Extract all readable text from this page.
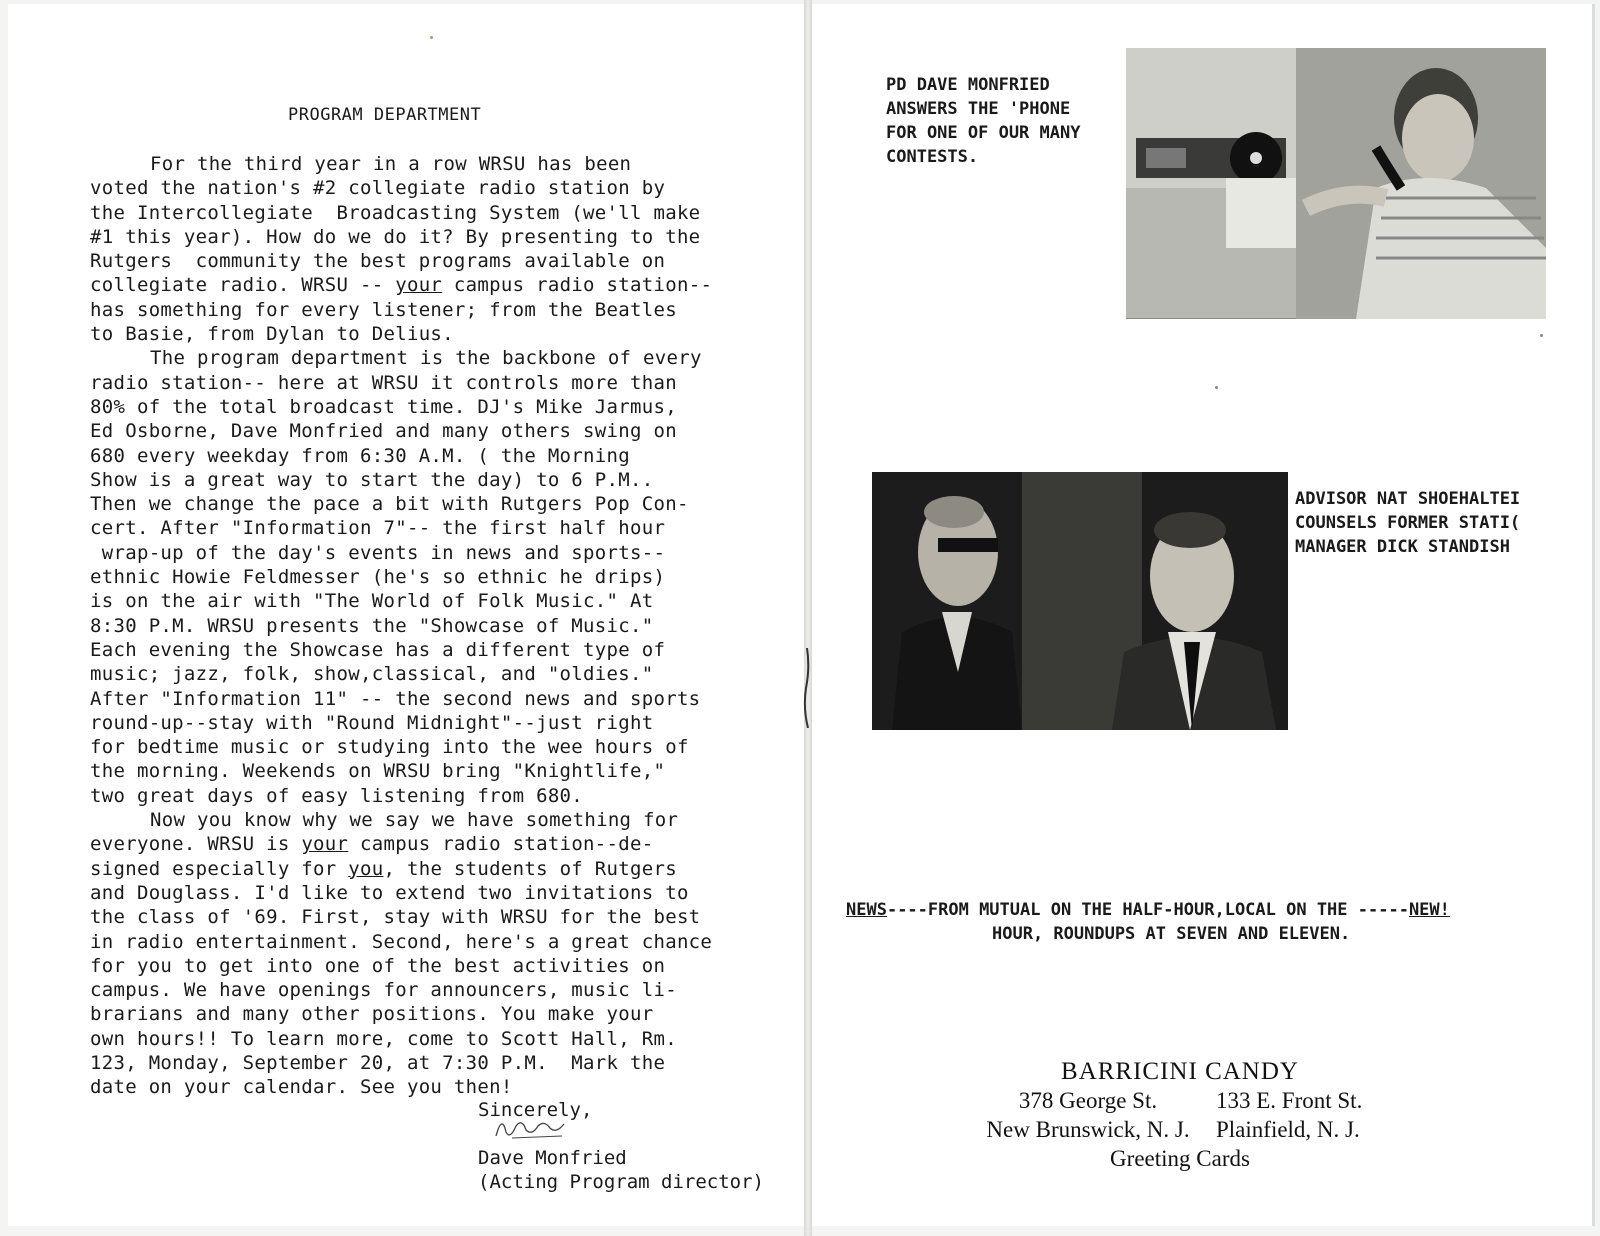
PROGRAM DEPARTMENT
For the third year in a row WRSU has been
voted the nation's #2 collegiate radio station by
the Intercollegiate  Broadcasting System (we'll make
#1 this year). How do we do it? By presenting to the
Rutgers  community the best programs available on
collegiate radio. WRSU -- your campus radio station--
has something for every listener; from the Beatles
to Basie, from Dylan to Delius.
The program department is the backbone of every
radio station-- here at WRSU it controls more than
80% of the total broadcast time. DJ's Mike Jarmus,
Ed Osborne, Dave Monfried and many others swing on
680 every weekday from 6:30 A.M. ( the Morning
Show is a great way to start the day) to 6 P.M..
Then we change the pace a bit with Rutgers Pop Con-
cert. After "Information 7"-- the first half hour
wrap-up of the day's events in news and sports--
ethnic Howie Feldmesser (he's so ethnic he drips)
is on the air with "The World of Folk Music." At
8:30 P.M. WRSU presents the "Showcase of Music."
Each evening the Showcase has a different type of
music; jazz, folk, show,classical, and "oldies."
After "Information 11" -- the second news and sports
round-up--stay with "Round Midnight"--just right
for bedtime music or studying into the wee hours of
the morning. Weekends on WRSU bring "Knightlife,"
two great days of easy listening from 680.
Now you know why we say we have something for
everyone. WRSU is your campus radio station--de-
signed especially for you, the students of Rutgers
and Douglass. I'd like to extend two invitations to
the class of '69. First, stay with WRSU for the best
in radio entertainment. Second, here's a great chance
for you to get into one of the best activities on
campus. We have openings for announcers, music li-
brarians and many other positions. You make your
own hours!! To learn more, come to Scott Hall, Rm.
123, Monday, September 20, at 7:30 P.M.  Mark the
date on your calendar. See you then!
Sincerely,

Dave Monfried
(Acting Program director)
PD DAVE MONFRIED
ANSWERS THE 'PHONE
FOR ONE OF OUR MANY
CONTESTS.
ADVISOR NAT SHOEHALTEI
COUNSELS FORMER STATI(
MANAGER DICK STANDISH
NEWS----FROM MUTUAL ON THE HALF-HOUR,LOCAL ON THE -----NEW!
HOUR, ROUNDUPS AT SEVEN AND ELEVEN.
BARRICINI CANDY
378 George St.	133 E. Front St.
New Brunswick, N. J.	Plainfield, N. J.
Greeting Cards
